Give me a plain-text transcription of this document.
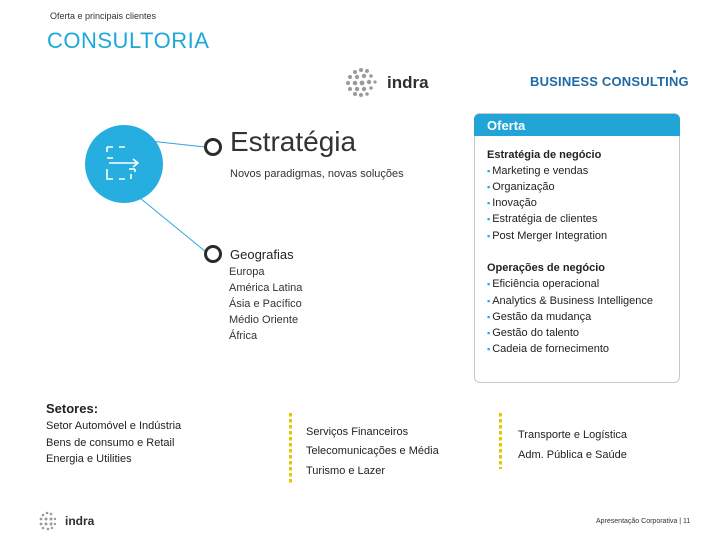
Oferta e principais clientes
CONSULTORIA
indra	BUSINESS CONSULTING
Estratégia
Novos paradigmas, novas soluções
Geografias
Europa
América Latina
Ásia e Pacífico
Médio Oriente
África
Oferta
Estratégia de negócio
▪ Marketing e vendas
▪ Organização
▪ Inovação
▪ Estratégia de clientes
▪ Post Merger Integration
Operações de negócio
▪ Eficiência operacional
▪ Analytics & Business Intelligence
▪ Gestão da mudança
▪ Gestão do talento
▪ Cadeia de fornecimento
Setores:
Setor Automóvel e Indústria
Bens de consumo e Retail
Energia e Utilities
Serviços Financeiros
Telecomunicações e Média
Turismo e Lazer
Transporte e Logística
Adm. Pública e Saúde
indra	Apresentação Corporativa | 11
